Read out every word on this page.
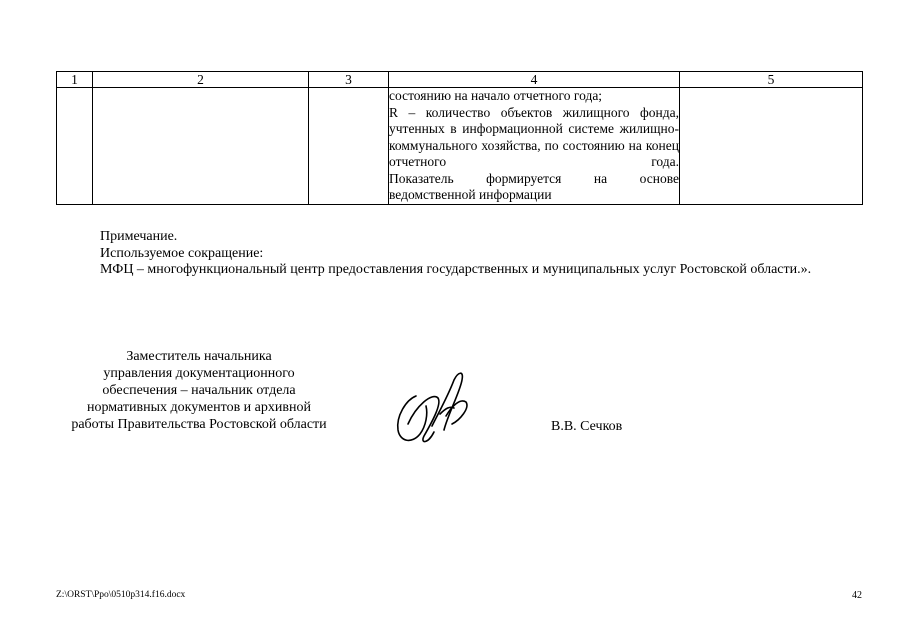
1	2	3	4	5

			состоянию на начало отчетного года;
R – количество объектов жилищного фонда, учтенных в информационной системе жилищно-коммунального хозяйства, по состоянию на конец отчетного года.
Показатель формируется на основе ведомственной информации	

Примечание.
Используемое сокращение:
МФЦ – многофункциональный центр предоставления государственных и муниципальных услуг Ростовской области.».
Заместитель начальника
управления документационного
обеспечения – начальник отдела
нормативных документов и архивной
работы Правительства Ростовской области	В.В. Сечков
Z:\ORST\Ppo\0510p314.f16.docx	42
